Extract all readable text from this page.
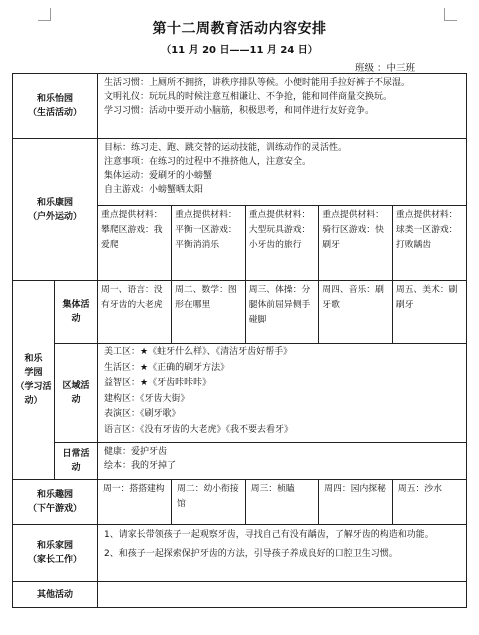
第十二周教育活动内容安排
（11 月 20 日——11 月 24 日）
班级 ：中三班
和乐怡园
（生活活动）

生活习惯：上厕所不拥挤，讲秩序排队等候。小便时能用手拉好裤子不尿湿。
文明礼仪：玩玩具的时候注意互相谦让、不争抢，能和同伴商量交换玩。
学习习惯：活动中要开动小脑筋，积极思考，和同伴进行友好竞争。

和乐康园
（户外运动）

目标：练习走、跑、跳交替的运动技能，训练动作的灵活性。
注意事项：在练习的过程中不推挤他人，注意安全。
集体运动：爱刷牙的小螃蟹
自主游戏：小螃蟹晒太阳

重点提供材料：攀爬区游戏：我爱爬	重点提供材料：平衡一区游戏：平衡消消乐	重点提供材料：大型玩具游戏：小牙齿的旅行	重点提供材料：骑行区游戏：快刷牙	重点提供材料：球类一区游戏：打败龋齿

和乐
学园
（学习活动）

集体活动

周一、语言：没有牙齿的大老虎	周二、数学：图形在哪里	周三、体操：分腿体前屈异侧手碰脚	周四、音乐：刷牙歌	周五、美术：刷刷牙

区域活动

美工区：★《蛀牙什么样》、《清洁牙齿好帮手》
生活区：★《正确的刷牙方法》
益智区：★《牙齿咔咔咔》
建构区：《牙齿大街》
表演区：《刷牙歌》
语言区：《没有牙齿的大老虎》《我不要去看牙》

日常活动

健康：爱护牙齿
绘本：我的牙掉了

和乐趣园
（下午游戏）

周一：搭搭建构	周二：幼小衔接馆	周三：桢瞌	周四：园内探秘	周五：沙水

和乐家园
（家长工作）

1、请家长带领孩子一起观察牙齿，寻找自己有没有龋齿，了解牙齿的构造和功能。
2、和孩子一起探索保护牙齿的方法，引导孩子养成良好的口腔卫生习惯。

其他活动
